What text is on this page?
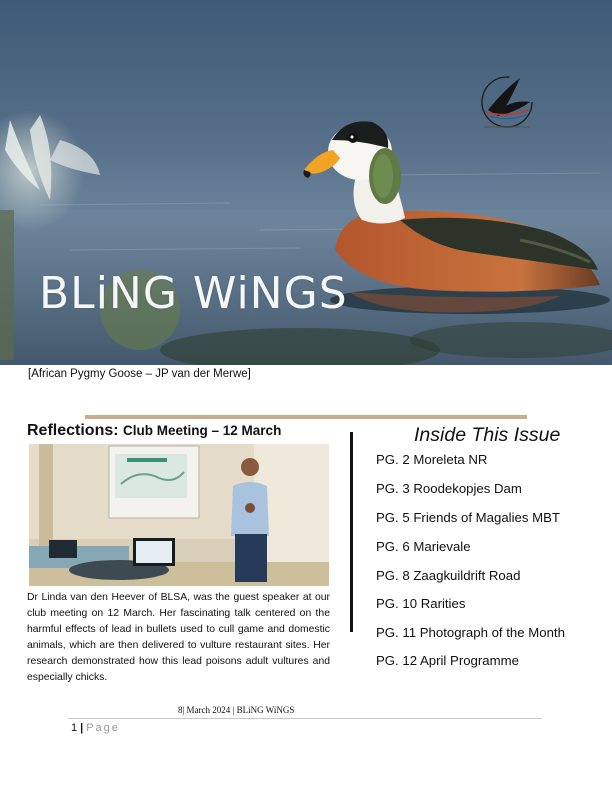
BLiNG WiNGS
[African Pygmy Goose – JP van der Merwe]
Reflections: Club Meeting – 12 March
Dr Linda van den Heever of BLSA, was the guest speaker at our club meeting on 12 March. Her fascinating talk centered on the harmful effects of lead in bullets used to cull game and domestic animals, which are then delivered to vulture restaurant sites. Her research demonstrated how this lead poisons adult vultures and especially chicks.
Inside This Issue
PG. 2 Moreleta NR
PG. 3 Roodekopjes Dam
PG. 5 Friends of Magalies MBT
PG. 6 Marievale
PG. 8 Zaagkuildrift Road
PG. 10 Rarities
PG. 11 Photograph of the Month
PG. 12 April Programme
8| March 2024 | BLiNG WiNGS
1 | Page
